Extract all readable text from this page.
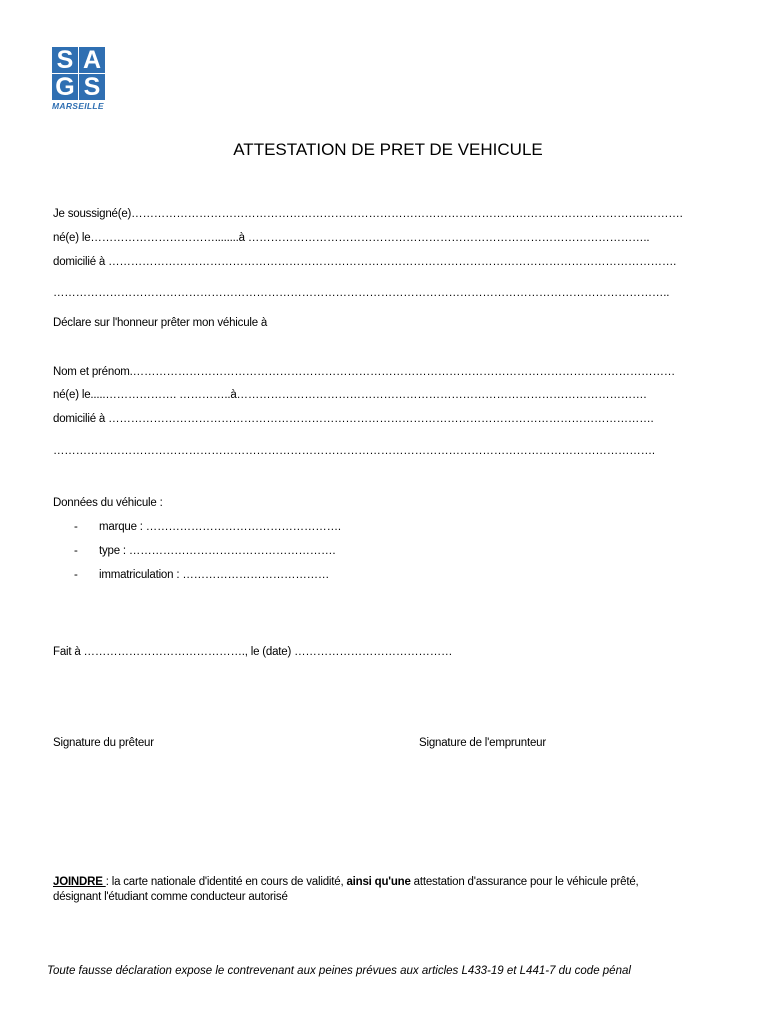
S A
G S
MARSEILLE
ATTESTATION DE PRET DE VEHICULE
Je soussigné(e)………………………………………………………………………………………………………………………..……….
né(e) le……………………………........à ……………………………………………………………………………………………..
domicilié à …………………………………………………………………………………………………………………………………….
………………………………………………………………………………………………………………………………………………..
Déclare sur l'honneur prêter mon véhicule à
Nom et prénom.………………………………………………………………………………………………………………………………
né(e) le.....………………. …………..à……………………………………………………………………………………………….
domicilié à ……………………………………………………………………………………………………………………………….
…………………………………………………………………………………………………………………………………………….
Données du véhicule :
- marque : …………………………………………….
- type : ……………………………………………….
- immatriculation : …………………………………
Fait à ……………………………………., le (date) ……………………………………
Signature du prêteur	Signature de l'emprunteur
JOINDRE : la carte nationale d'identité en cours de validité, ainsi qu'une attestation d'assurance pour le véhicule prêté,
désignant l'étudiant comme conducteur autorisé
Toute fausse déclaration expose le contrevenant aux peines prévues aux articles L433-19 et L441-7 du code pénal
